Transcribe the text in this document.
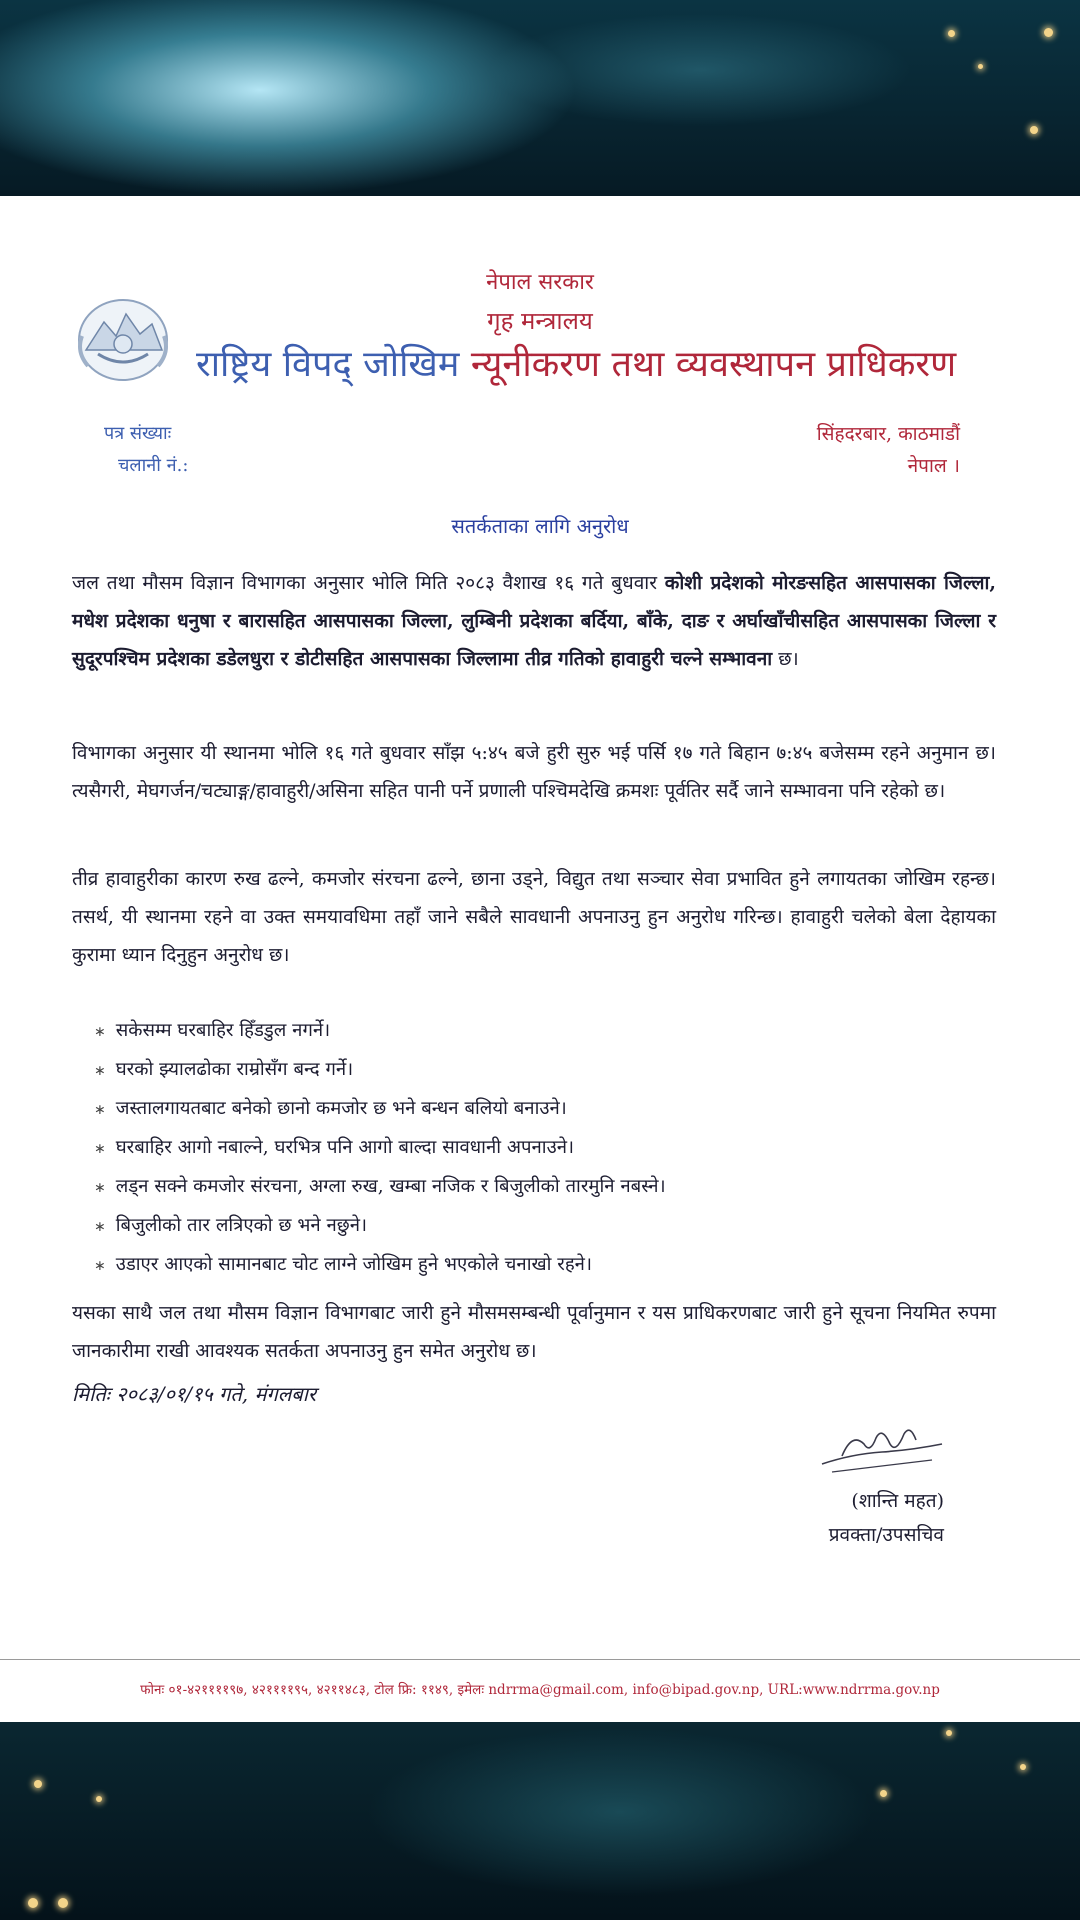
नेपाल सरकार
गृह मन्त्रालय
राष्ट्रिय विपद् जोखिम न्यूनीकरण तथा व्यवस्थापन प्राधिकरण
पत्र संख्याः
चलानी नं.:
सिंहदरबार, काठमाडौं
नेपाल ।
सतर्कताका लागि अनुरोध
जल तथा मौसम विज्ञान विभागका अनुसार भोलि मिति २०८३ वैशाख १६ गते बुधवार कोशी प्रदेशको मोरङसहित आसपासका जिल्ला, मधेश प्रदेशका धनुषा र बारासहित आसपासका जिल्ला, लुम्बिनी प्रदेशका बर्दिया, बाँके, दाङ र अर्घाखाँचीसहित आसपासका जिल्ला र सुदूरपश्चिम प्रदेशका डडेलधुरा र डोटीसहित आसपासका जिल्लामा तीव्र गतिको हावाहुरी चल्ने सम्भावना छ।
विभागका अनुसार यी स्थानमा भोलि १६ गते बुधवार साँझ ५:४५ बजे हुरी सुरु भई पर्सि १७ गते बिहान ७:४५ बजेसम्म रहने अनुमान छ। त्यसैगरी, मेघगर्जन/चट्याङ्ग/हावाहुरी/असिना सहित पानी पर्ने प्रणाली पश्चिमदेखि क्रमशः पूर्वतिर सर्दै जाने सम्भावना पनि रहेको छ।
तीव्र हावाहुरीका कारण रुख ढल्ने, कमजोर संरचना ढल्ने, छाना उड्ने, विद्युत तथा सञ्चार सेवा प्रभावित हुने लगायतका जोखिम रहन्छ। तसर्थ, यी स्थानमा रहने वा उक्त समयावधिमा तहाँ जाने सबैले सावधानी अपनाउनु हुन अनुरोध गरिन्छ। हावाहुरी चलेको बेला देहायका कुरामा ध्यान दिनुहुन अनुरोध छ।
∗ सकेसम्म घरबाहिर हिँडडुल नगर्ने।
∗ घरको झ्यालढोका राम्रोसँग बन्द गर्ने।
∗ जस्तालगायतबाट बनेको छानो कमजोर छ भने बन्धन बलियो बनाउने।
∗ घरबाहिर आगो नबाल्ने, घरभित्र पनि आगो बाल्दा सावधानी अपनाउने।
∗ लड्न सक्ने कमजोर संरचना, अग्ला रुख, खम्बा नजिक र बिजुलीको तारमुनि नबस्ने।
∗ बिजुलीको तार लत्रिएको छ भने नछुने।
∗ उडाएर आएको सामानबाट चोट लाग्ने जोखिम हुने भएकोले चनाखो रहने।
यसका साथै जल तथा मौसम विज्ञान विभागबाट जारी हुने मौसमसम्बन्धी पूर्वानुमान र यस प्राधिकरणबाट जारी हुने सूचना नियमित रुपमा जानकारीमा राखी आवश्यक सतर्कता अपनाउनु हुन समेत अनुरोध छ।
मितिः २०८३/०१/१५ गते, मंगलबार
(शान्ति महत)
प्रवक्ता/उपसचिव
फोनः ०१-४२११११९७, ४२११११९५, ४२११४८३, टोल फ्रि: ११४९, इमेलः ndrrma@gmail.com, info@bipad.gov.np, URL:www.ndrrma.gov.np
